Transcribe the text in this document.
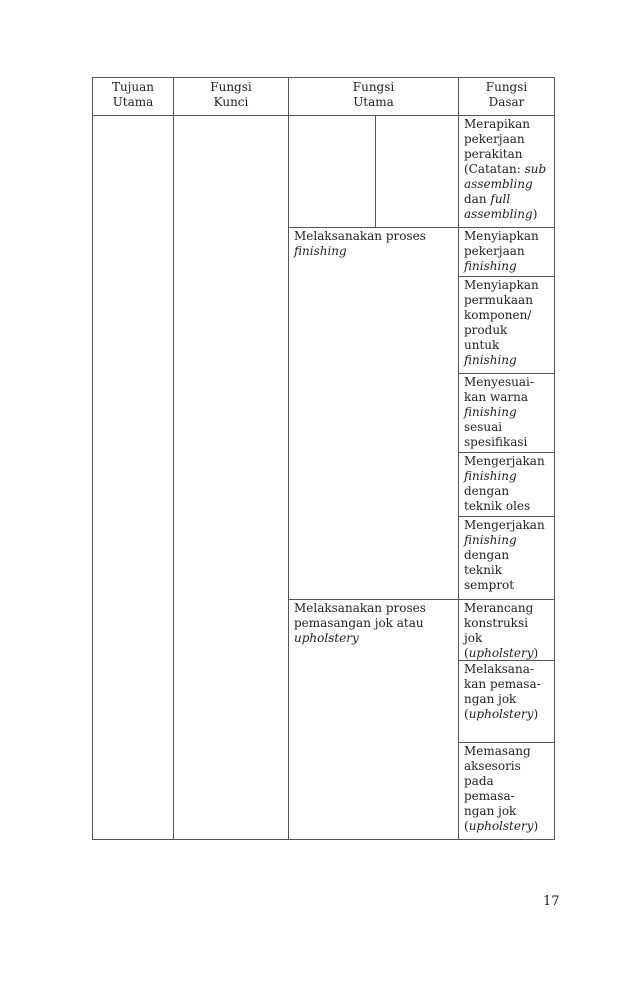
Tujuan
Utama
Fungsi
Kunci
Fungsi
Utama
Fungsi
Dasar
Merapikan
pekerjaan
perakitan
(Catatan: sub
assembling
dan full
assembling)
Melaksanakan proses
finishing
Menyiapkan
pekerjaan
finishing
Menyiapkan
permukaan
komponen/
produk
untuk
finishing
Menyesuai-
kan warna
finishing
sesuai
spesifikasi
Mengerjakan
finishing
dengan
teknik oles
Mengerjakan
finishing
dengan
teknik
semprot
Melaksanakan proses
pemasangan jok atau
upholstery
Merancang
konstruksi
jok
(upholstery)
Melaksana-
kan pemasa-
ngan jok
(upholstery)
Memasang
aksesoris
pada
pemasa-
ngan jok
(upholstery)
17
